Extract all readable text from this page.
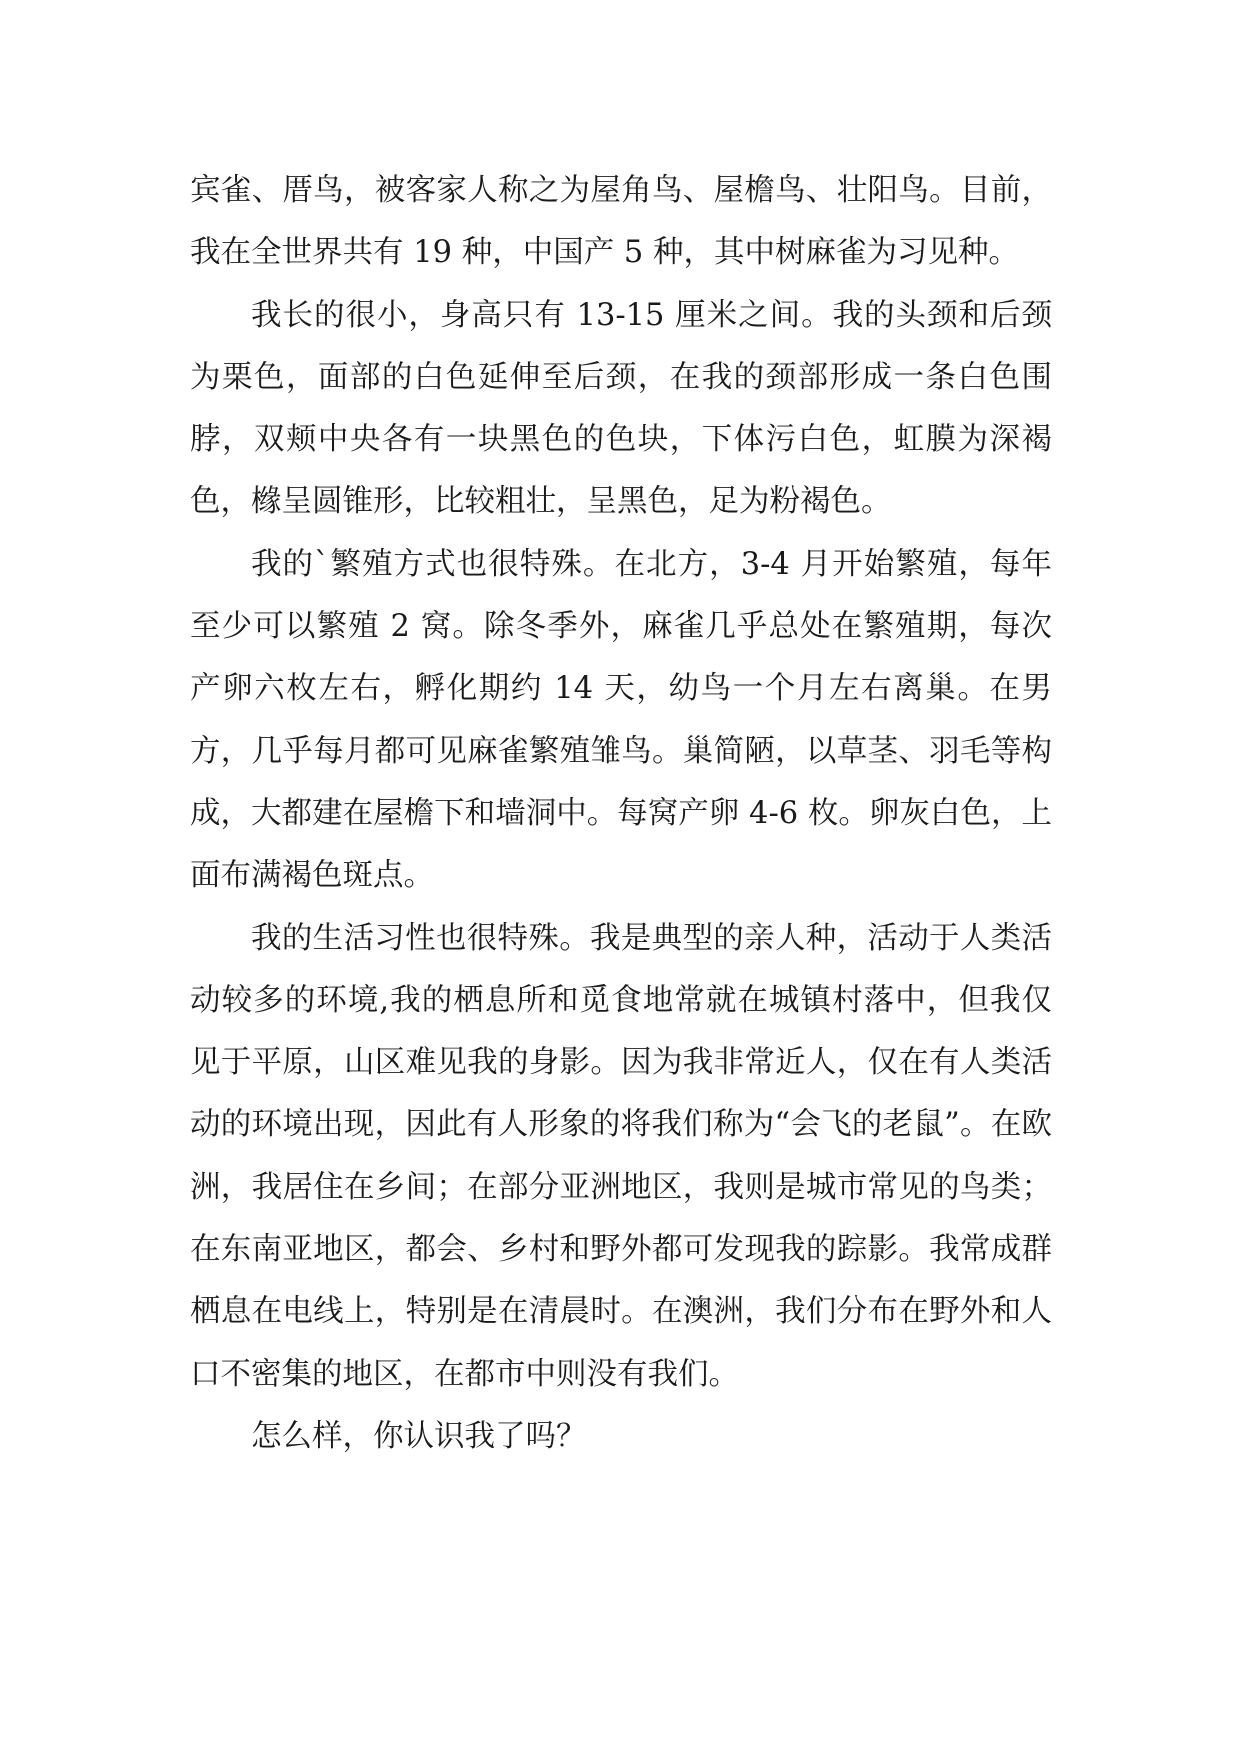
宾雀、厝鸟，被客家人称之为屋角鸟、屋檐鸟、壮阳鸟。目前，我在全世界共有 19 种，中国产 5 种，其中树麻雀为习见种。

我长的很小，身高只有 13-15 厘米之间。我的头颈和后颈为栗色，面部的白色延伸至后颈，在我的颈部形成一条白色围脖，双颊中央各有一块黑色的色块，下体污白色，虹膜为深褐色，橼呈圆锥形，比较粗壮，呈黑色，足为粉褐色。

我的`繁殖方式也很特殊。在北方，3-4 月开始繁殖，每年至少可以繁殖 2 窝。除冬季外，麻雀几乎总处在繁殖期，每次产卵六枚左右，孵化期约 14 天，幼鸟一个月左右离巢。在男方，几乎每月都可见麻雀繁殖雏鸟。巢简陋，以草茎、羽毛等构成，大都建在屋檐下和墙洞中。每窝产卵 4-6 枚。卵灰白色，上面布满褐色斑点。

我的生活习性也很特殊。我是典型的亲人种，活动于人类活动较多的环境,我的栖息所和觅食地常就在城镇村落中，但我仅见于平原，山区难见我的身影。因为我非常近人，仅在有人类活动的环境出现，因此有人形象的将我们称为“会飞的老鼠”。在欧洲，我居住在乡间；在部分亚洲地区，我则是城市常见的鸟类；在东南亚地区，都会、乡村和野外都可发现我的踪影。我常成群栖息在电线上，特别是在清晨时。在澳洲，我们分布在野外和人口不密集的地区，在都市中则没有我们。

怎么样，你认识我了吗？
